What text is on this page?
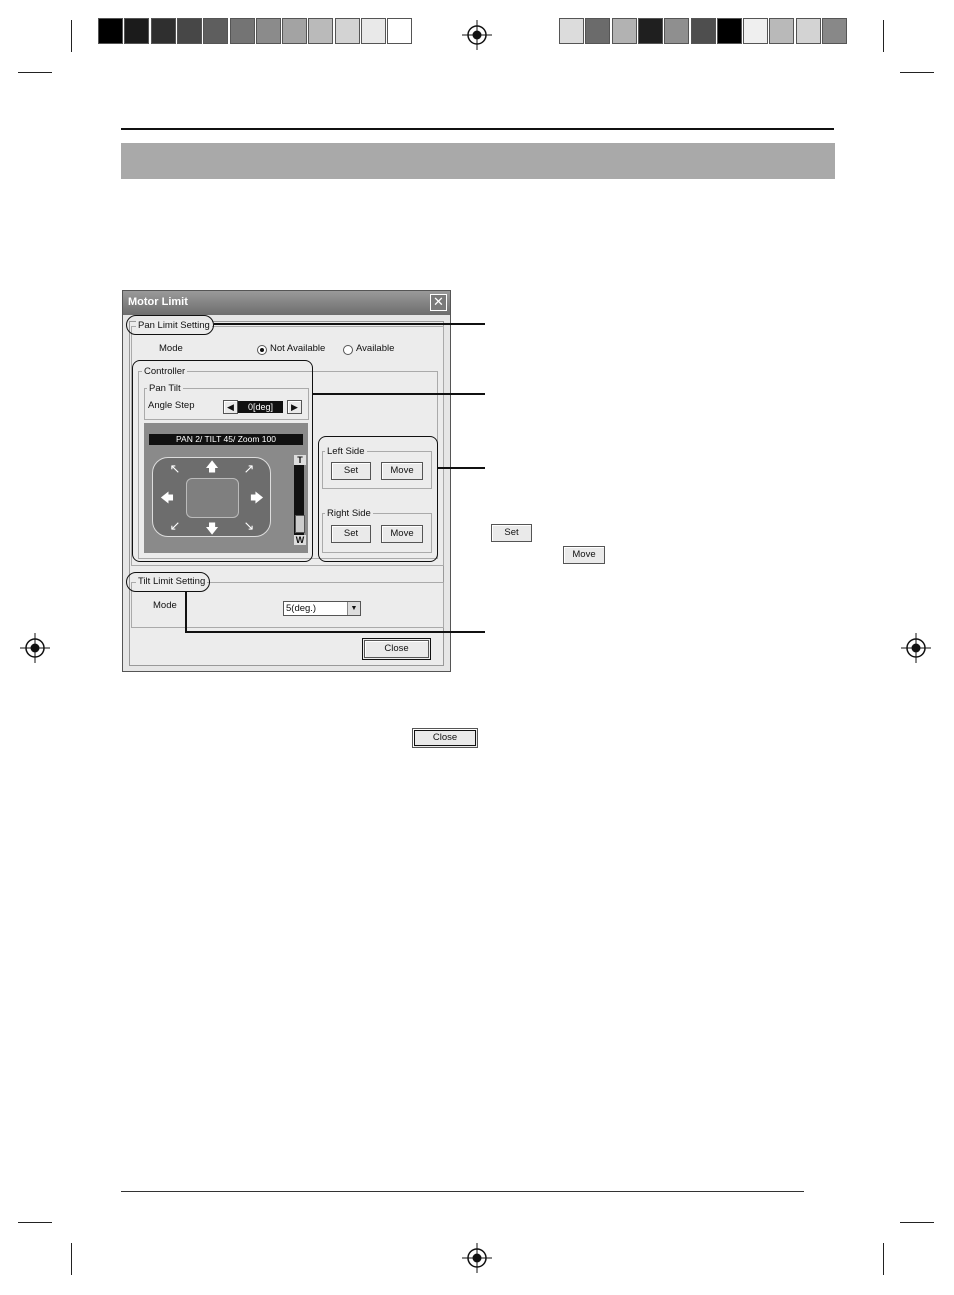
Motor Limit	✕
Pan Limit Setting
Mode	Not Available	Available
Controller
Pan Tilt
Angle Step	◀	0[deg]	▶
PAN 2/ TILT 45/ Zoom 100
↖ 🡅 ↗
🡄	🡆
↙ 🡇 ↘
T
W
Left Side
Set	Move
Right Side
Set	Move
Tilt Limit Setting
Mode	5(deg.)	▼
Close
Set
Move
Close
